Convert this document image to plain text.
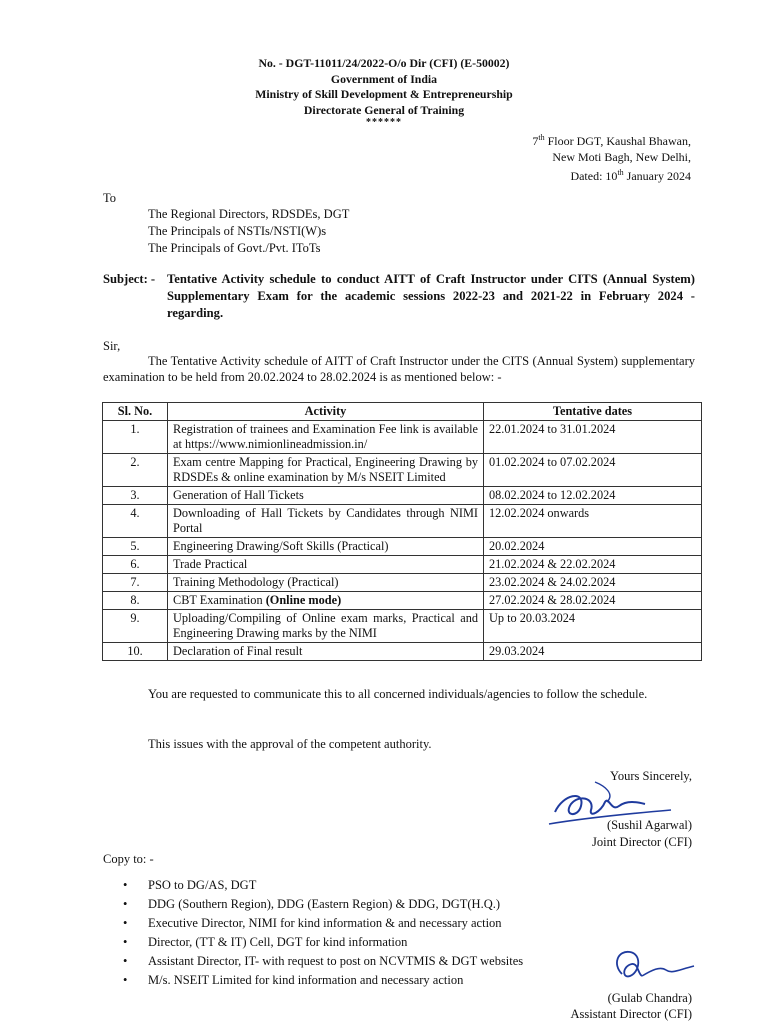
No. - DGT-11011/24/2022-O/o Dir (CFI) (E-50002)
Government of India
Ministry of Skill Development & Entrepreneurship
Directorate General of Training
******
7th Floor DGT, Kaushal Bhawan,
New Moti Bagh, New Delhi,
Dated: 10th January 2024
To
The Regional Directors, RDSDEs, DGT
The Principals of NSTIs/NSTI(W)s
The Principals of Govt./Pvt. IToTs
Subject: - Tentative Activity schedule to conduct AITT of Craft Instructor under CITS (Annual System) Supplementary Exam for the academic sessions 2022-23 and 2021-22 in February 2024 -regarding.
Sir,
The Tentative Activity schedule of AITT of Craft Instructor under the CITS (Annual System) supplementary examination to be held from 20.02.2024 to 28.02.2024 is as mentioned below: -
Sl. No.	Activity	Tentative dates
1.	Registration of trainees and Examination Fee link is available at https://www.nimionlineadmission.in/	22.01.2024 to 31.01.2024
2.	Exam centre Mapping for Practical, Engineering Drawing by RDSDEs & online examination by M/s NSEIT Limited	01.02.2024 to 07.02.2024
3.	Generation of Hall Tickets	08.02.2024 to 12.02.2024
4.	Downloading of Hall Tickets by Candidates through NIMI Portal	12.02.2024 onwards
5.	Engineering Drawing/Soft Skills (Practical)	20.02.2024
6.	Trade Practical	21.02.2024 & 22.02.2024
7.	Training Methodology (Practical)	23.02.2024 & 24.02.2024
8.	CBT Examination (Online mode)	27.02.2024 & 28.02.2024
9.	Uploading/Compiling of Online exam marks, Practical and Engineering Drawing marks by the NIMI	Up to 20.03.2024
10.	Declaration of Final result	29.03.2024
You are requested to communicate this to all concerned individuals/agencies to follow the schedule.
This issues with the approval of the competent authority.
Yours Sincerely,
(Sushil Agarwal)
Joint Director (CFI)
Copy to: -
• PSO to DG/AS, DGT
• DDG (Southern Region), DDG (Eastern Region) & DDG, DGT(H.Q.)
• Executive Director, NIMI for kind information & and necessary action
• Director, (TT & IT) Cell, DGT for kind information
• Assistant Director, IT- with request to post on NCVTMIS & DGT websites
• M/s. NSEIT Limited for kind information and necessary action
(Gulab Chandra)
Assistant Director (CFI)
